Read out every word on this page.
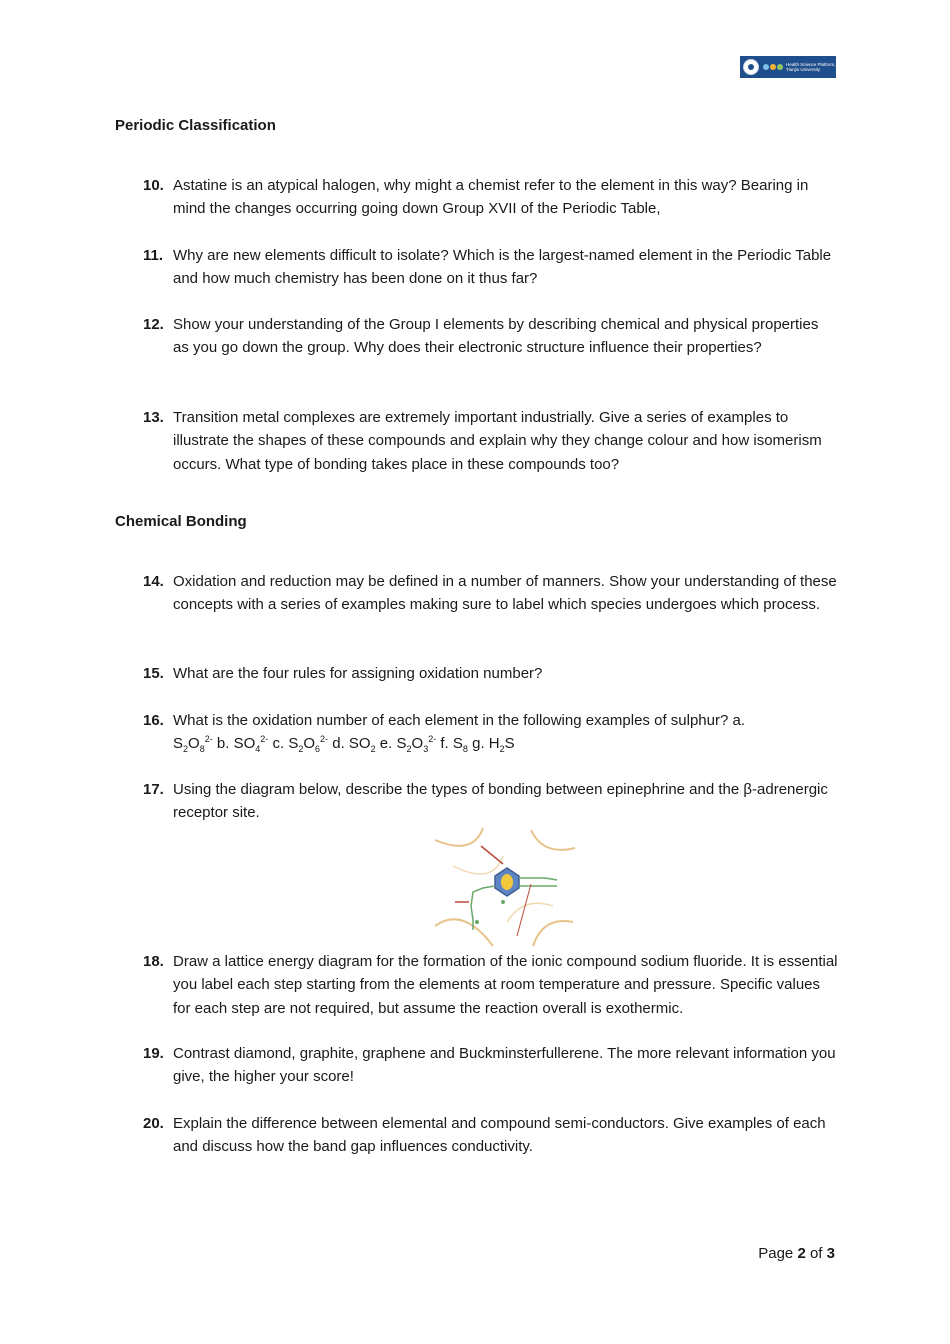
Health Science Platform,
Tianjin University
Periodic Classification
10. Astatine is an atypical halogen, why might a chemist refer to the element in this way? Bearing in mind the changes occurring going down Group XVII of the Periodic Table,
11. Why are new elements difficult to isolate? Which is the largest-named element in the Periodic Table and how much chemistry has been done on it thus far?
12. Show your understanding of the Group I elements by describing chemical and physical properties as you go down the group. Why does their electronic structure influence their properties?
13. Transition metal complexes are extremely important industrially. Give a series of examples to illustrate the shapes of these compounds and explain why they change colour and how isomerism occurs. What type of bonding takes place in these compounds too?
Chemical Bonding
14. Oxidation and reduction may be defined in a number of manners. Show your understanding of these concepts with a series of examples making sure to label which species undergoes which process.
15. What are the four rules for assigning oxidation number?
16. What is the oxidation number of each element in the following examples of sulphur? a.
$S_2O_8^{2-}$ b. $SO_4^{2-}$ c. $S_2O_6^{2-}$ d. $SO_2$ e. $S_2O_3^{2-}$ f. $S_8$ g. $H_2S$
17. Using the diagram below, describe the types of bonding between epinephrine and the β-adrenergic receptor site.
18. Draw a lattice energy diagram for the formation of the ionic compound sodium fluoride. It is essential you label each step starting from the elements at room temperature and pressure. Specific values for each step are not required, but assume the reaction overall is exothermic.
19. Contrast diamond, graphite, graphene and Buckminsterfullerene. The more relevant information you give, the higher your score!
20. Explain the difference between elemental and compound semi-conductors. Give examples of each and discuss how the band gap influences conductivity.
Page 2 of 3
